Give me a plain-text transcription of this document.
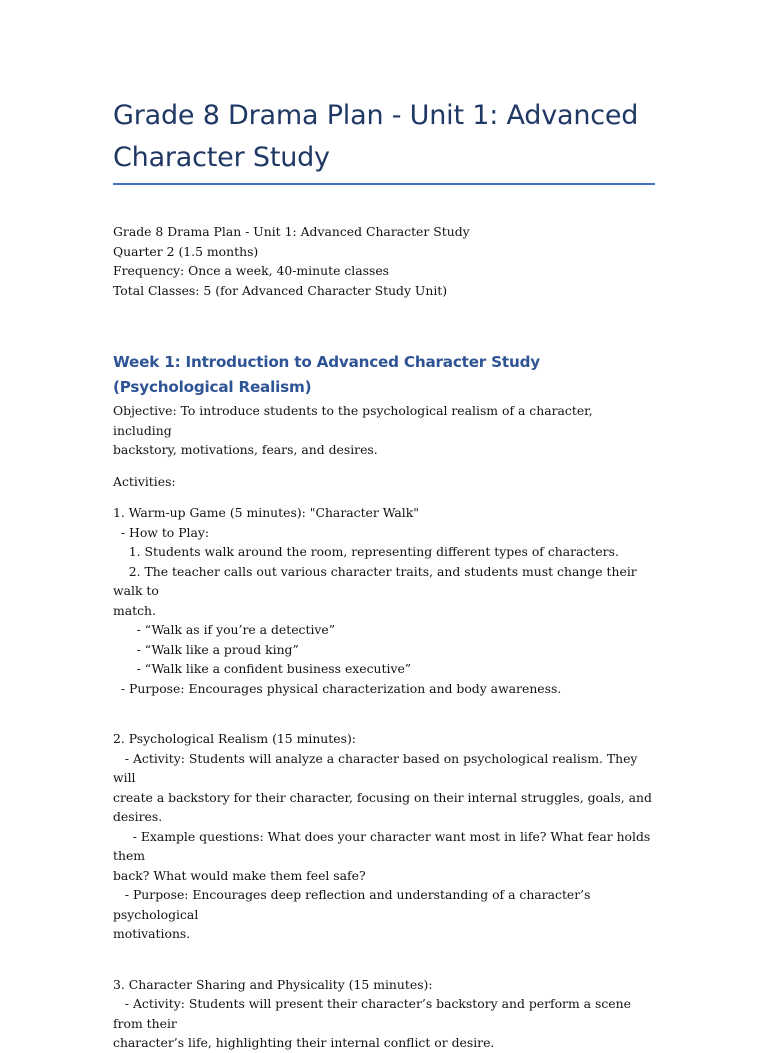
Grade 8 Drama Plan - Unit 1: Advanced Character Study

Grade 8 Drama Plan - Unit 1: Advanced Character Study

Quarter 2 (1.5 months)

Frequency: Once a week, 40-minute classes

Total Classes: 5 (for Advanced Character Study Unit)

Week 1: Introduction to Advanced Character Study (Psychological Realism)

Objective: To introduce students to the psychological realism of a character, including

backstory, motivations, fears, and desires.

Activities:

1. Warm-up Game (5 minutes): "Character Walk"

- How to Play:

1. Students walk around the room, representing different types of characters.

2. The teacher calls out various character traits, and students must change their walk to

match.

- “Walk as if you’re a detective”

- “Walk like a proud king”

- “Walk like a confident business executive”

- Purpose: Encourages physical characterization and body awareness.

2. Psychological Realism (15 minutes):

- Activity: Students will analyze a character based on psychological realism. They will

create a backstory for their character, focusing on their internal struggles, goals, and

desires.

- Example questions: What does your character want most in life? What fear holds them

back? What would make them feel safe?

- Purpose: Encourages deep reflection and understanding of a character’s psychological

motivations.

3. Character Sharing and Physicality (15 minutes):

- Activity: Students will present their character’s backstory and perform a scene from their

character’s life, highlighting their internal conflict or desire.
